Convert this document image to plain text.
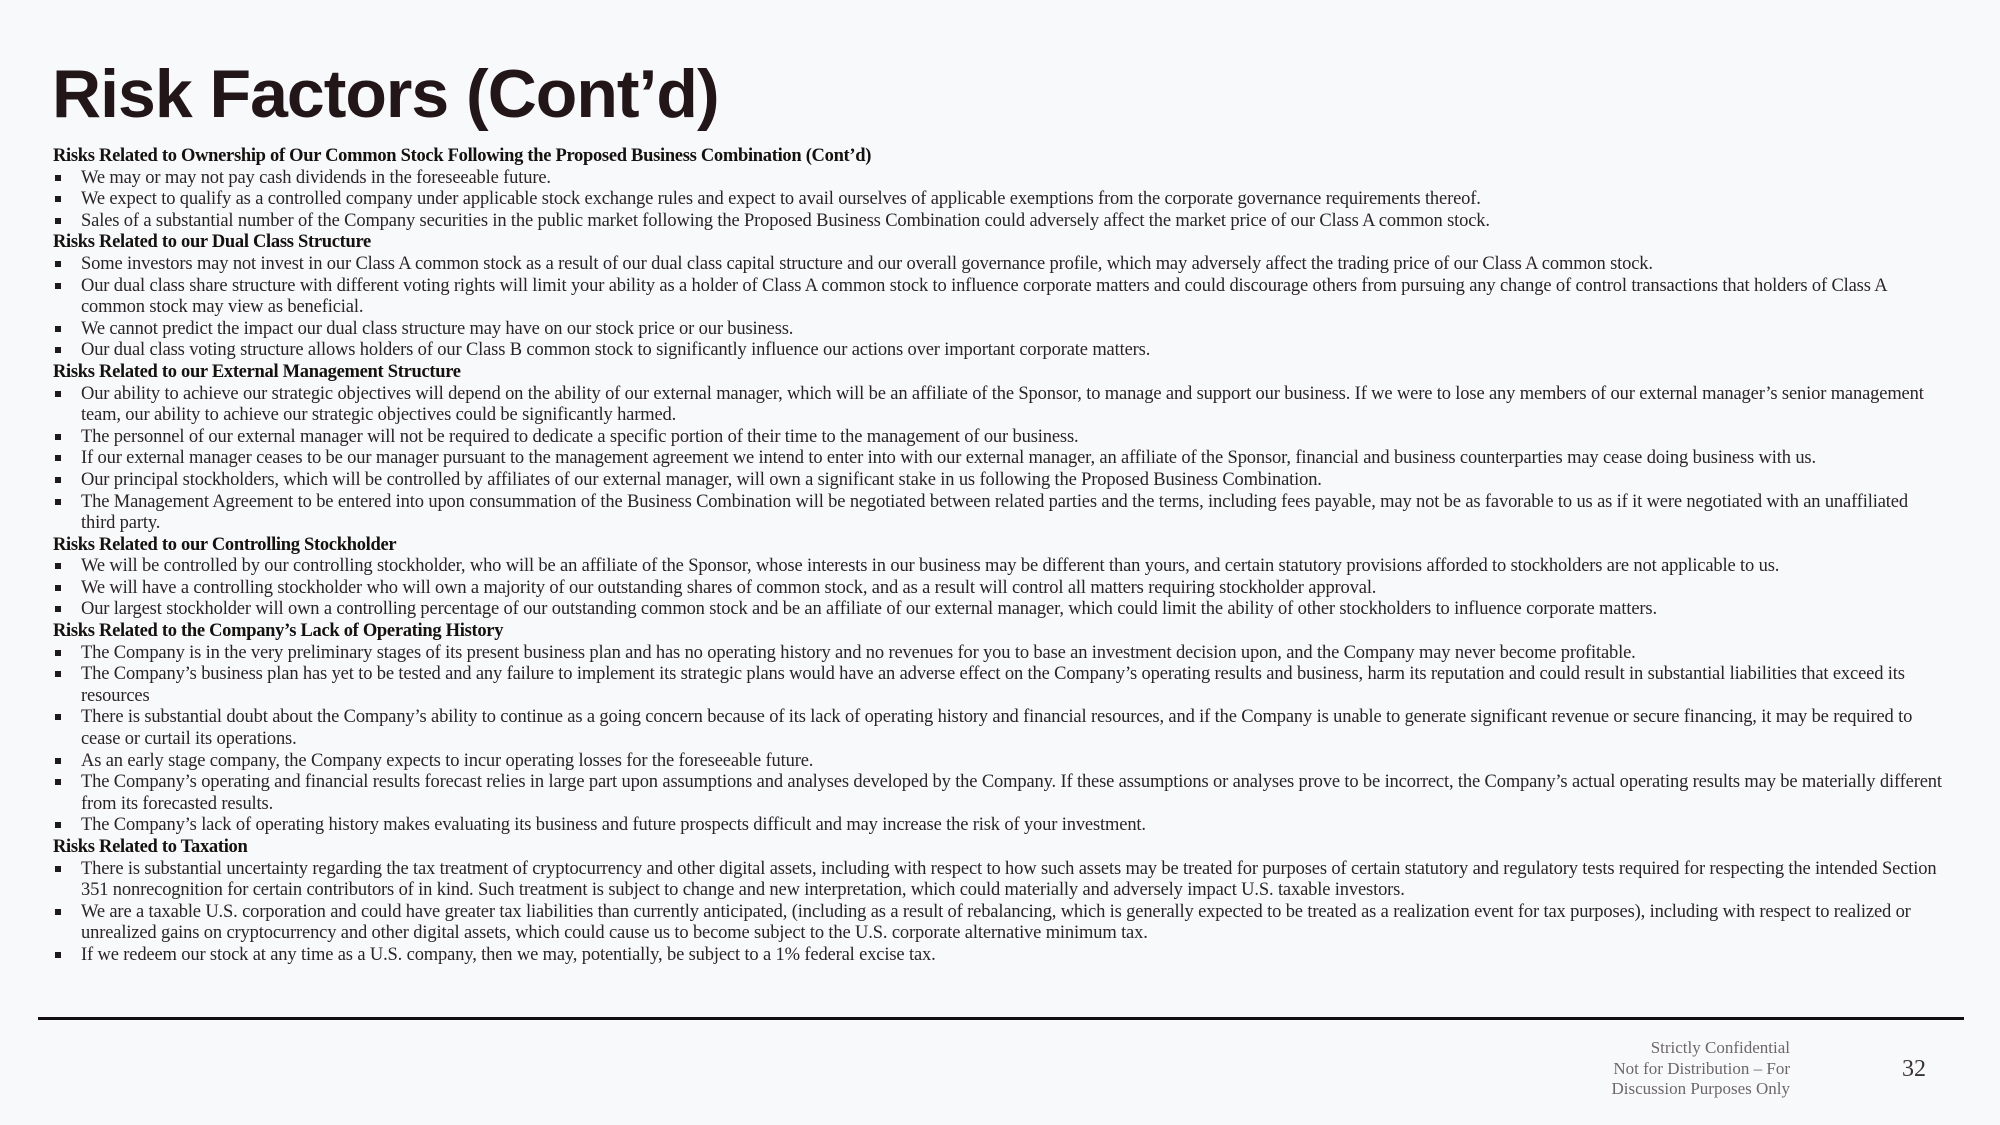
Risk Factors (Cont’d)
Risks Related to Ownership of Our Common Stock Following the Proposed Business Combination (Cont’d)
We may or may not pay cash dividends in the foreseeable future.
We expect to qualify as a controlled company under applicable stock exchange rules and expect to avail ourselves of applicable exemptions from the corporate governance requirements thereof.
Sales of a substantial number of the Company securities in the public market following the Proposed Business Combination could adversely affect the market price of our Class A common stock.
Risks Related to our Dual Class Structure
Some investors may not invest in our Class A common stock as a result of our dual class capital structure and our overall governance profile, which may adversely affect the trading price of our Class A common stock.
Our dual class share structure with different voting rights will limit your ability as a holder of Class A common stock to influence corporate matters and could discourage others from pursuing any change of control transactions that holders of Class A common stock may view as beneficial.
We cannot predict the impact our dual class structure may have on our stock price or our business.
Our dual class voting structure allows holders of our Class B common stock to significantly influence our actions over important corporate matters.
Risks Related to our External Management Structure
Our ability to achieve our strategic objectives will depend on the ability of our external manager, which will be an affiliate of the Sponsor, to manage and support our business. If we were to lose any members of our external manager’s senior management team, our ability to achieve our strategic objectives could be significantly harmed.
The personnel of our external manager will not be required to dedicate a specific portion of their time to the management of our business.
If our external manager ceases to be our manager pursuant to the management agreement we intend to enter into with our external manager, an affiliate of the Sponsor, financial and business counterparties may cease doing business with us.
Our principal stockholders, which will be controlled by affiliates of our external manager, will own a significant stake in us following the Proposed Business Combination.
The Management Agreement to be entered into upon consummation of the Business Combination will be negotiated between related parties and the terms, including fees payable, may not be as favorable to us as if it were negotiated with an unaffiliated third party.
Risks Related to our Controlling Stockholder
We will be controlled by our controlling stockholder, who will be an affiliate of the Sponsor, whose interests in our business may be different than yours, and certain statutory provisions afforded to stockholders are not applicable to us.
We will have a controlling stockholder who will own a majority of our outstanding shares of common stock, and as a result will control all matters requiring stockholder approval.
Our largest stockholder will own a controlling percentage of our outstanding common stock and be an affiliate of our external manager, which could limit the ability of other stockholders to influence corporate matters.
Risks Related to the Company’s Lack of Operating History
The Company is in the very preliminary stages of its present business plan and has no operating history and no revenues for you to base an investment decision upon, and the Company may never become profitable.
The Company’s business plan has yet to be tested and any failure to implement its strategic plans would have an adverse effect on the Company’s operating results and business, harm its reputation and could result in substantial liabilities that exceed its resources
There is substantial doubt about the Company’s ability to continue as a going concern because of its lack of operating history and financial resources, and if the Company is unable to generate significant revenue or secure financing, it may be required to cease or curtail its operations.
As an early stage company, the Company expects to incur operating losses for the foreseeable future.
The Company’s operating and financial results forecast relies in large part upon assumptions and analyses developed by the Company. If these assumptions or analyses prove to be incorrect, the Company’s actual operating results may be materially different from its forecasted results.
The Company’s lack of operating history makes evaluating its business and future prospects difficult and may increase the risk of your investment.
Risks Related to Taxation
There is substantial uncertainty regarding the tax treatment of cryptocurrency and other digital assets, including with respect to how such assets may be treated for purposes of certain statutory and regulatory tests required for respecting the intended Section 351 nonrecognition for certain contributors of in kind. Such treatment is subject to change and new interpretation, which could materially and adversely impact U.S. taxable investors.
We are a taxable U.S. corporation and could have greater tax liabilities than currently anticipated, (including as a result of rebalancing, which is generally expected to be treated as a realization event for tax purposes), including with respect to realized or unrealized gains on cryptocurrency and other digital assets, which could cause us to become subject to the U.S. corporate alternative minimum tax.
If we redeem our stock at any time as a U.S. company, then we may, potentially, be subject to a 1% federal excise tax.
Strictly Confidential
Not for Distribution – For
Discussion Purposes Only
32
